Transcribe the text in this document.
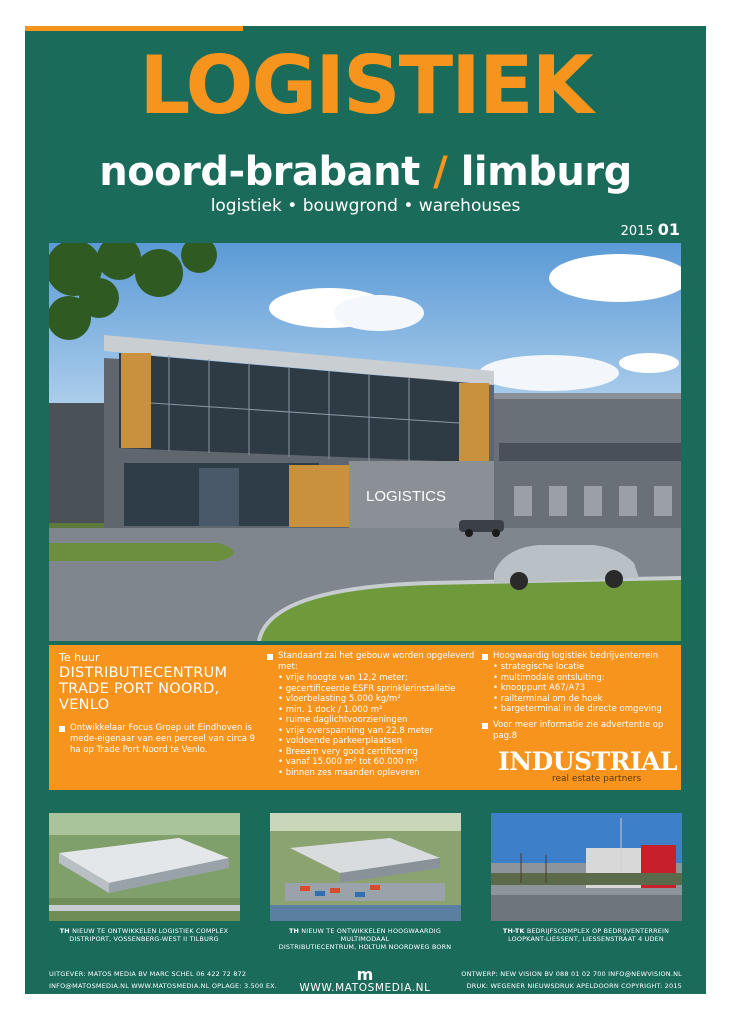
LOGISTIEK
noord-brabant / limburg
logistiek • bouwgrond • warehouses
2015 01
LOGISTICS
Te huur
DISTRIBUTIECENTRUM
TRADE PORT NOORD,
VENLO
Ontwikkelaar Focus Groep uit Eindhoven is mede-eigenaar van een perceel van circa 9 ha op Trade Port Noord te Venlo.
Standaard zal het gebouw worden opgeleverd met:
• vrije hoogte van 12,2 meter;
• gecertificeerde ESFR sprinklerinstallatie
• vloerbelasting 5.000 kg/m²
• min. 1 dock / 1.000 m²
• ruime daglichtvoorzieningen
• vrije overspanning van 22,8 meter
• voldoende parkeerplaatsen
• Breeam very good certificering
• vanaf 15.000 m² tot 60.000 m²
• binnen zes maanden opleveren
Hoogwaardig logistiek bedrijventerrein
• strategische locatie
• multimodale ontsluiting:
• knooppunt A67/A73
• railterminal om de hoek
• bargeterminal in de directe omgeving
Voor meer informatie zie advertentie op pag.8
INDUSTRIAL
real estate partners
TH NIEUW TE ONTWIKKELEN LOGISTIEK COMPLEX
DISTRIPORT, VOSSENBERG-WEST II TILBURG
TH NIEUW TE ONTWIKKELEN HOOGWAARDIG MULTIMODAAL
DISTRIBUTIECENTRUM, HOLTUM NOORDWEG BORN
TH-TK BEDRIJFSCOMPLEX OP BEDRIJVENTERREIN
LOOPKANT-LIESSENT, LIESSENSTRAAT 4 UDEN
UITGEVER: MATOS MEDIA BV MARC SCHEL 06 422 72 872
INFO@MATOSMEDIA.NL WWW.MATOSMEDIA.NL OPLAGE: 3.500 EX.
m
WWW.MATOSMEDIA.NL
ONTWERP: NEW VISION BV 088 01 02 700 INFO@NEWVISION.NL
DRUK: WEGENER NIEUWSDRUK APELDOORN COPYRIGHT: 2015
